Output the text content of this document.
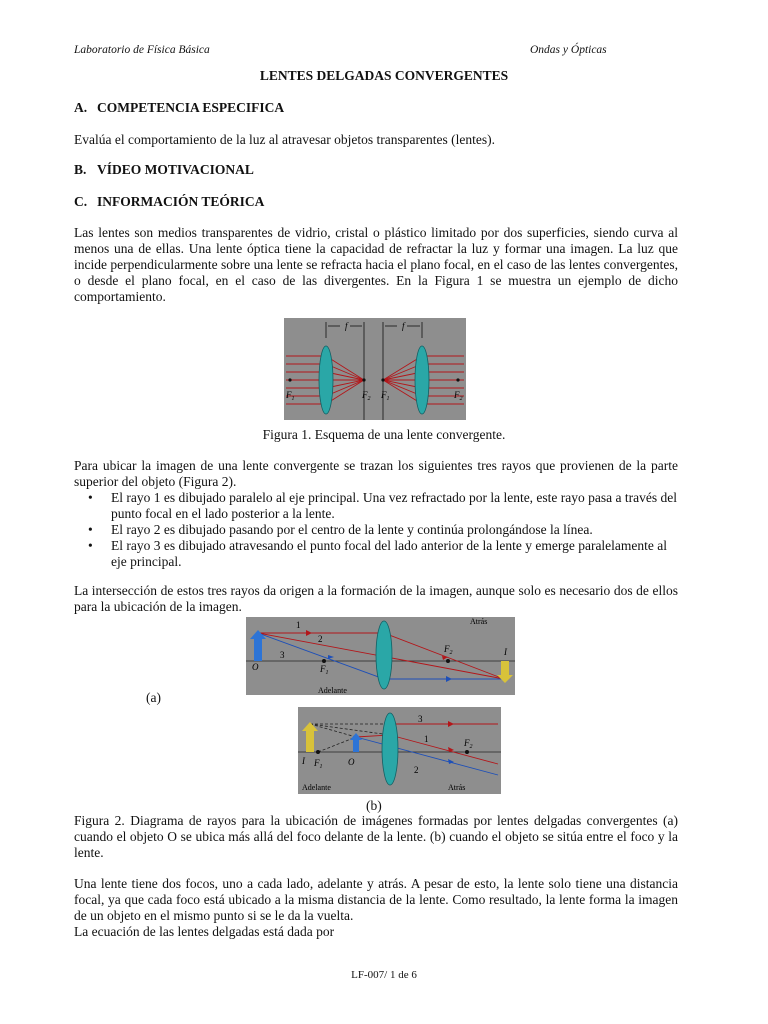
Laboratorio de Física Básica	Ondas y Ópticas
LENTES DELGADAS CONVERGENTES
A. COMPETENCIA ESPECIFICA
Evalúa el comportamiento de la luz al atravesar objetos transparentes (lentes).
B. VÍDEO MOTIVACIONAL
C. INFORMACIÓN TEÓRICA
Las lentes son medios transparentes de vidrio, cristal o plástico limitado por dos superficies, siendo curva al menos una de ellas. Una lente óptica tiene la capacidad de refractar la luz y formar una imagen. La luz que incide perpendicularmente sobre una lente se refracta hacia el plano focal, en el caso de las lentes convergentes, o desde el plano focal, en el caso de las divergentes. En la Figura 1 se muestra un ejemplo de dicho comportamiento.
f	f
$F_1$	$F_2$ $F_1$	$F_2$
Figura 1. Esquema de una lente convergente.
Para ubicar la imagen de una lente convergente se trazan los siguientes tres rayos que provienen de la parte superior del objeto (Figura 2).
• El rayo 1 es dibujado paralelo al eje principal. Una vez refractado por la lente, este rayo pasa a través del punto focal en el lado posterior a la lente.
• El rayo 2 es dibujado pasando por el centro de la lente y continúa prolongándose la línea.
• El rayo 3 es dibujado atravesando el punto focal del lado anterior de la lente y emerge paralelamente al eje principal.
La intersección de estos tres rayos da origen a la formación de la imagen, aunque solo es necesario dos de ellos para la ubicación de la imagen.
Atrás
Adelante
1
2
3
O	$F_1$
$F_2$	I
(a)
3
1
2
I $F_1$	O
$F_2$
Adelante	Atrás
(b)
Figura 2. Diagrama de rayos para la ubicación de imágenes formadas por lentes delgadas convergentes (a) cuando el objeto O se ubica más allá del foco delante de la lente. (b) cuando el objeto se sitúa entre el foco y la lente.

Una lente tiene dos focos, uno a cada lado, adelante y atrás. A pesar de esto, la lente solo tiene una distancia focal, ya que cada foco está ubicado a la misma distancia de la lente. Como resultado, la lente forma la imagen de un objeto en el mismo punto si se le da la vuelta.

La ecuación de las lentes delgadas está dada por

LF-007/ 1 de 6
